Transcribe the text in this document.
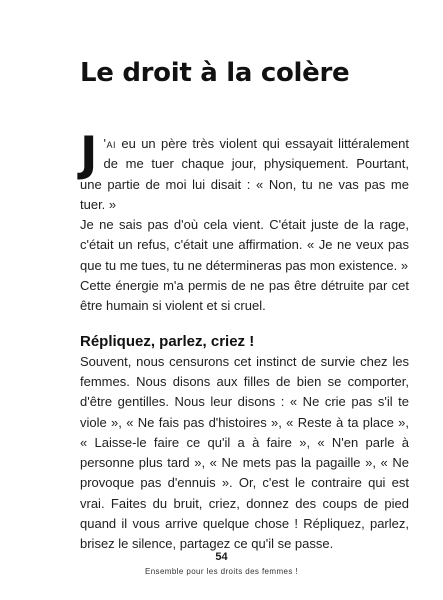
Le droit à la colère

J 'ai eu un père très violent qui essayait littéralement de me tuer chaque jour, physiquement. Pourtant, une partie de moi lui disait : « Non, tu ne vas pas me tuer. »

Je ne sais pas d'où cela vient. C'était juste de la rage, c'était un refus, c'était une affirmation. « Je ne veux pas que tu me tues, tu ne détermineras pas mon existence. »

Cette énergie m'a permis de ne pas être détruite par cet être humain si violent et si cruel.

Répliquez, parlez, criez !

Souvent, nous censurons cet instinct de survie chez les femmes. Nous disons aux filles de bien se comporter, d'être gentilles. Nous leur disons : « Ne crie pas s'il te viole », « Ne fais pas d'histoires », « Reste à ta place », « Laisse-le faire ce qu'il a à faire », « N'en parle à personne plus tard », « Ne mets pas la pagaille », « Ne provoque pas d'ennuis ». Or, c'est le contraire qui est vrai. Faites du bruit, criez, donnez des coups de pied quand il vous arrive quelque chose ! Répliquez, parlez, brisez le silence, partagez ce qu'il se passe.

54
Ensemble pour les droits des femmes !
